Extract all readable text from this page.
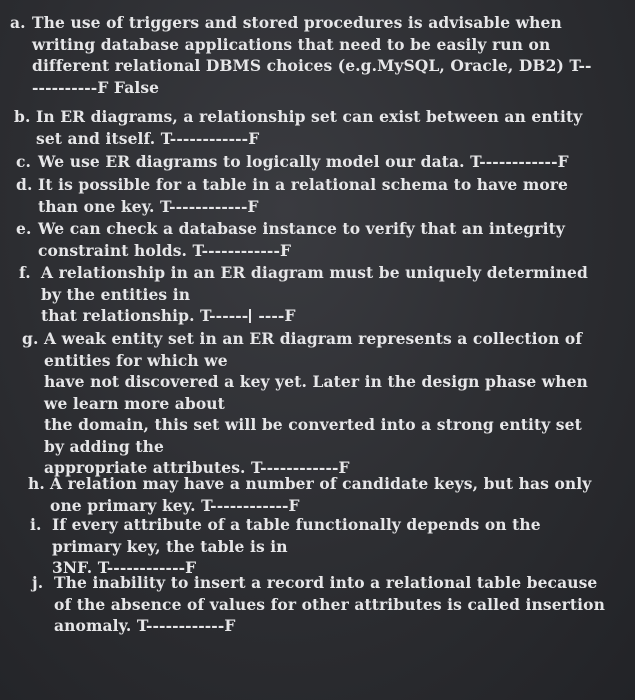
a. The use of triggers and stored procedures is advisable when
writing database applications that need to be easily run on
different relational DBMS choices (e.g.MySQL, Oracle, DB2) T--
----------F False
b. In ER diagrams, a relationship set can exist between an entity
set and itself. T------------F
c. We use ER diagrams to logically model our data. T------------F
d. It is possible for a table in a relational schema to have more
than one key. T------------F
e. We can check a database instance to verify that an integrity
constraint holds. T------------F
f. A relationship in an ER diagram must be uniquely determined
by the entities in
that relationship. T------ ----F
g. A weak entity set in an ER diagram represents a collection of
entities for which we
have not discovered a key yet. Later in the design phase when
we learn more about
the domain, this set will be converted into a strong entity set
by adding the
appropriate attributes. T------------F
h. A relation may have a number of candidate keys, but has only
one primary key. T------------F
i. If every attribute of a table functionally depends on the
primary key, the table is in
3NF. T------------F
j. The inability to insert a record into a relational table because
of the absence of values for other attributes is called insertion
anomaly. T------------F
